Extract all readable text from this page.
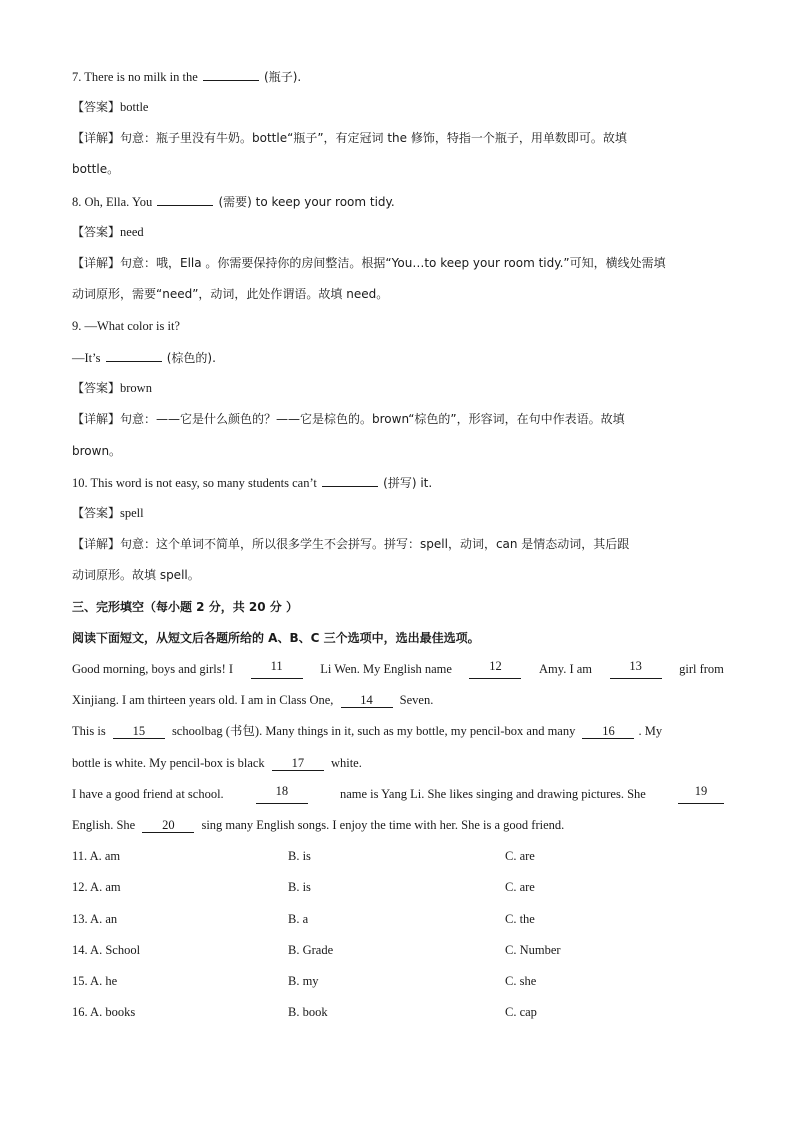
7. There is no milk in the	(瓶子).
【答案】bottle
【详解】句意：瓶子里没有牛奶。bottle“瓶子”，有定冠词 the 修饰，特指一个瓶子，用单数即可。故填
bottle。
8. Oh, Ella. You	(需要) to keep your room tidy.
【答案】need
【详解】句意：哦，Ella 。你需要保持你的房间整洁。根据“You…to keep your room tidy.”可知，横线处需填
动词原形，需要“need”，动词，此处作谓语。故填 need。
9. —What color is it?
—It’s	(棕色的).
【答案】brown
【详解】句意：——它是什么颜色的？——它是棕色的。brown“棕色的”，形容词，在句中作表语。故填
brown。
10. This word is not easy, so many students can’t	(拼写) it.
【答案】spell
【详解】句意：这个单词不简单，所以很多学生不会拼写。拼写：spell，动词，can 是情态动词，其后跟
动词原形。故填 spell。
三、完形填空（每小题 2 分，共 20 分 ）
阅读下面短文，从短文后各题所给的 A、B、C 三个选项中，选出最佳选项。
Good morning, boys and girls! I	11	Li Wen. My English name	12	Amy. I am	13	girl from
Xinjiang. I am thirteen years old. I am in Class One, 14 Seven.
This is 15 schoolbag (书包). Many things in it, such as my bottle, my pencil-box and many 16 . My
bottle is white. My pencil-box is black 17 white.
I have a good friend at school.	18	name is Yang Li. She likes singing and drawing pictures. She	19
English. She 20 sing many English songs. I enjoy the time with her. She is a good friend.
11. A. am	B. is	C. are
12. A. am	B. is	C. are
13. A. an	B. a	C. the
14. A. School	B. Grade	C. Number
15. A. he	B. my	C. she
16. A. books	B. book	C. cap
